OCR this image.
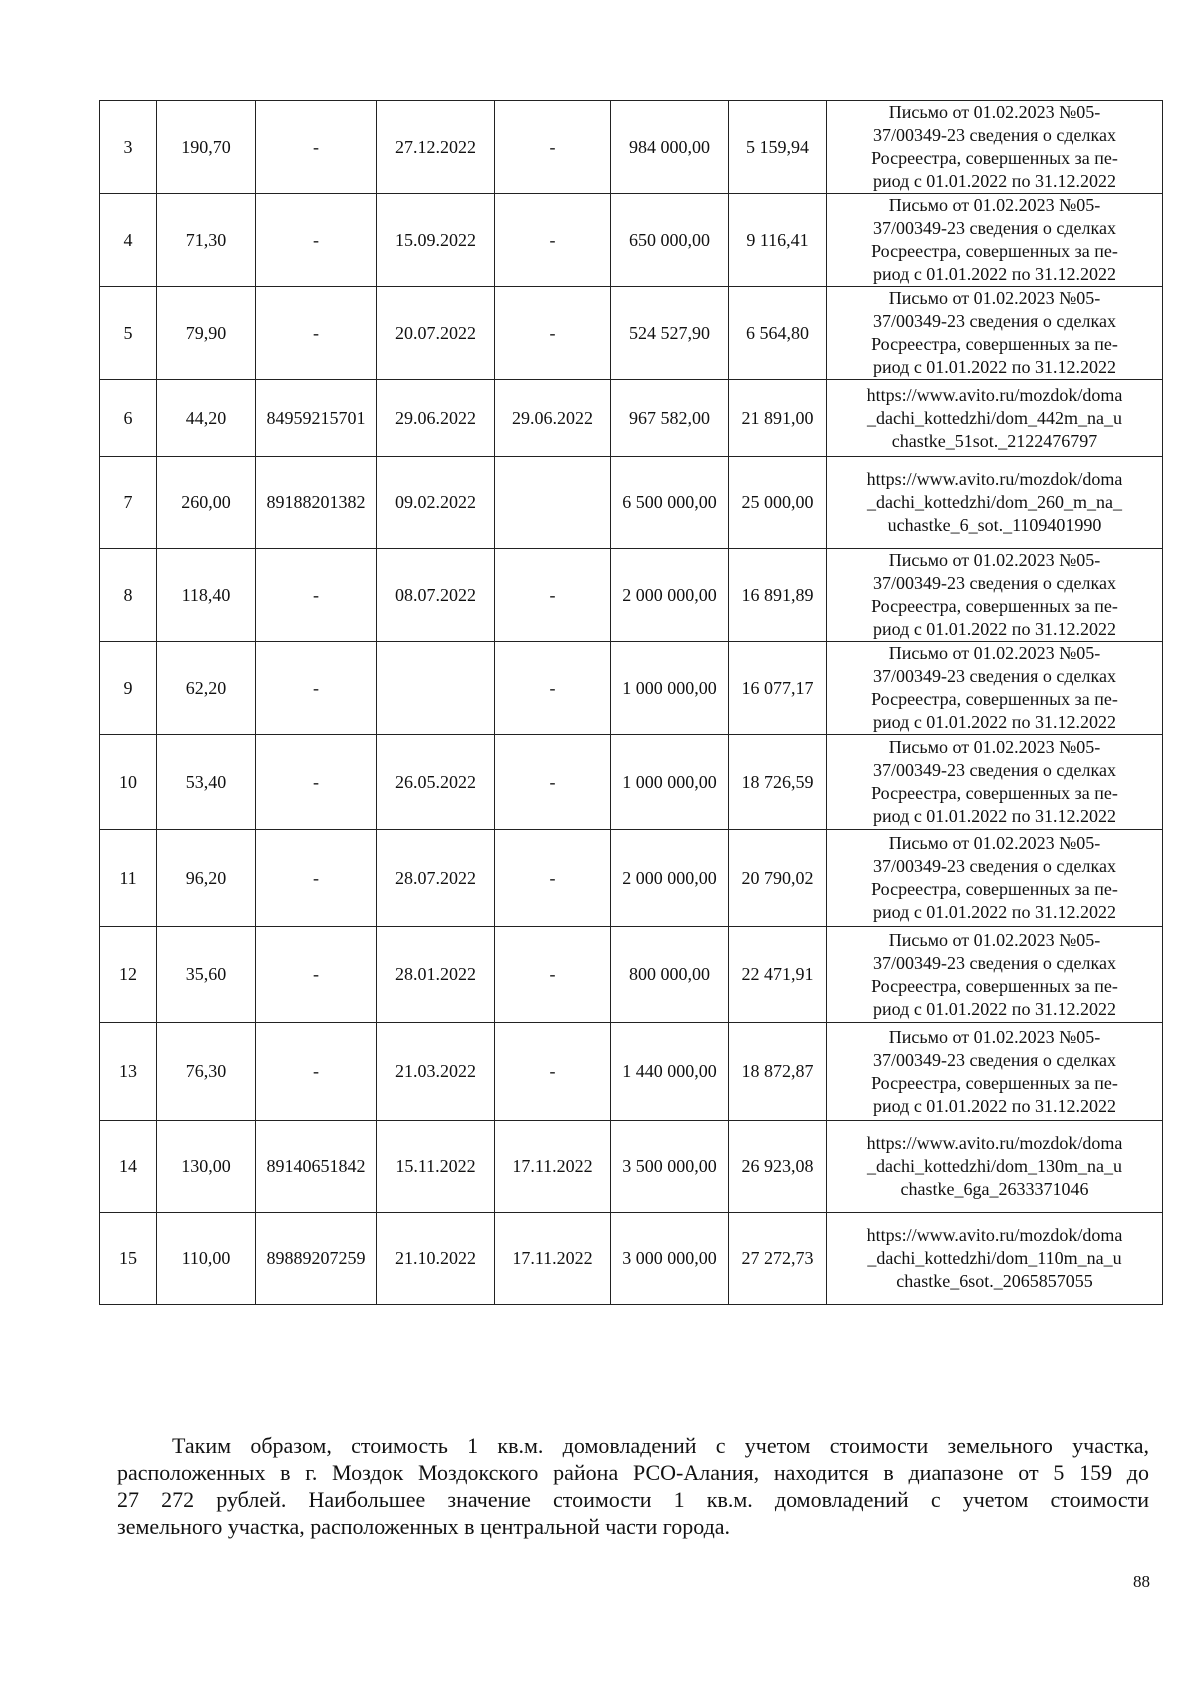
3	190,70	-	27.12.2022	-	984 000,00	5 159,94	Письмо от 01.02.2023 №05-
37/00349-23 сведения о сделках
Росреестра, совершенных за пе-
риод с 01.01.2022 по 31.12.2022

4	71,30	-	15.09.2022	-	650 000,00	9 116,41	Письмо от 01.02.2023 №05-
37/00349-23 сведения о сделках
Росреестра, совершенных за пе-
риод с 01.01.2022 по 31.12.2022

5	79,90	-	20.07.2022	-	524 527,90	6 564,80	Письмо от 01.02.2023 №05-
37/00349-23 сведения о сделках
Росреестра, совершенных за пе-
риод с 01.01.2022 по 31.12.2022

6	44,20	84959215701	29.06.2022	29.06.2022	967 582,00	21 891,00	https://www.avito.ru/mozdok/doma
_dachi_kottedzhi/dom_442m_na_u
chastke_51sot._2122476797

7	260,00	89188201382	09.02.2022		6 500 000,00	25 000,00	https://www.avito.ru/mozdok/doma
_dachi_kottedzhi/dom_260_m_na_
uchastke_6_sot._1109401990

8	118,40	-	08.07.2022	-	2 000 000,00	16 891,89	Письмо от 01.02.2023 №05-
37/00349-23 сведения о сделках
Росреестра, совершенных за пе-
риод с 01.01.2022 по 31.12.2022

9	62,20	-		-	1 000 000,00	16 077,17	Письмо от 01.02.2023 №05-
37/00349-23 сведения о сделках
Росреестра, совершенных за пе-
риод с 01.01.2022 по 31.12.2022

10	53,40	-	26.05.2022	-	1 000 000,00	18 726,59	Письмо от 01.02.2023 №05-
37/00349-23 сведения о сделках
Росреестра, совершенных за пе-
риод с 01.01.2022 по 31.12.2022

11	96,20	-	28.07.2022	-	2 000 000,00	20 790,02	Письмо от 01.02.2023 №05-
37/00349-23 сведения о сделках
Росреестра, совершенных за пе-
риод с 01.01.2022 по 31.12.2022

12	35,60	-	28.01.2022	-	800 000,00	22 471,91	Письмо от 01.02.2023 №05-
37/00349-23 сведения о сделках
Росреестра, совершенных за пе-
риод с 01.01.2022 по 31.12.2022

13	76,30	-	21.03.2022	-	1 440 000,00	18 872,87	Письмо от 01.02.2023 №05-
37/00349-23 сведения о сделках
Росреестра, совершенных за пе-
риод с 01.01.2022 по 31.12.2022

14	130,00	89140651842	15.11.2022	17.11.2022	3 500 000,00	26 923,08	https://www.avito.ru/mozdok/doma
_dachi_kottedzhi/dom_130m_na_u
chastke_6ga_2633371046

15	110,00	89889207259	21.10.2022	17.11.2022	3 000 000,00	27 272,73	https://www.avito.ru/mozdok/doma
_dachi_kottedzhi/dom_110m_na_u
chastke_6sot._2065857055

Таким образом, стоимость 1 кв.м. домовладений с учетом стоимости земельного участка,
расположенных в г. Моздок Моздокского района РСО-Алания, находится в диапазоне от 5 159 до
27 272 рублей. Наибольшее значение стоимости 1 кв.м. домовладений с учетом стоимости
земельного участка, расположенных в центральной части города.

88
